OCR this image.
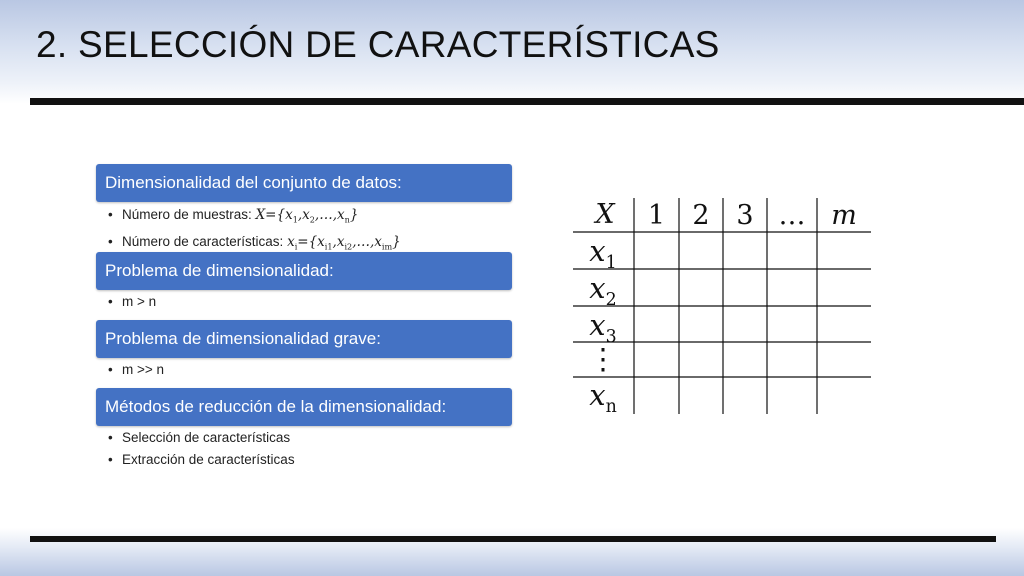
2. SELECCIÓN DE CARACTERÍSTICAS
Dimensionalidad del conjunto de datos:
• Número de muestras: $X=\{x_1,x_2,\dots,x_n\}$
• Número de características: $x_i=\{x_{i1},x_{i2},\dots,x_{im}\}$
Problema de dimensionalidad:
• m > n
Problema de dimensionalidad grave:
• m >> n
Métodos de reducción de la dimensionalidad:
• Selección de características
• Extracción de características
X	1	2 3 … m
$x_1$
$x_2$
$x_3$
⋮
$x_n$
